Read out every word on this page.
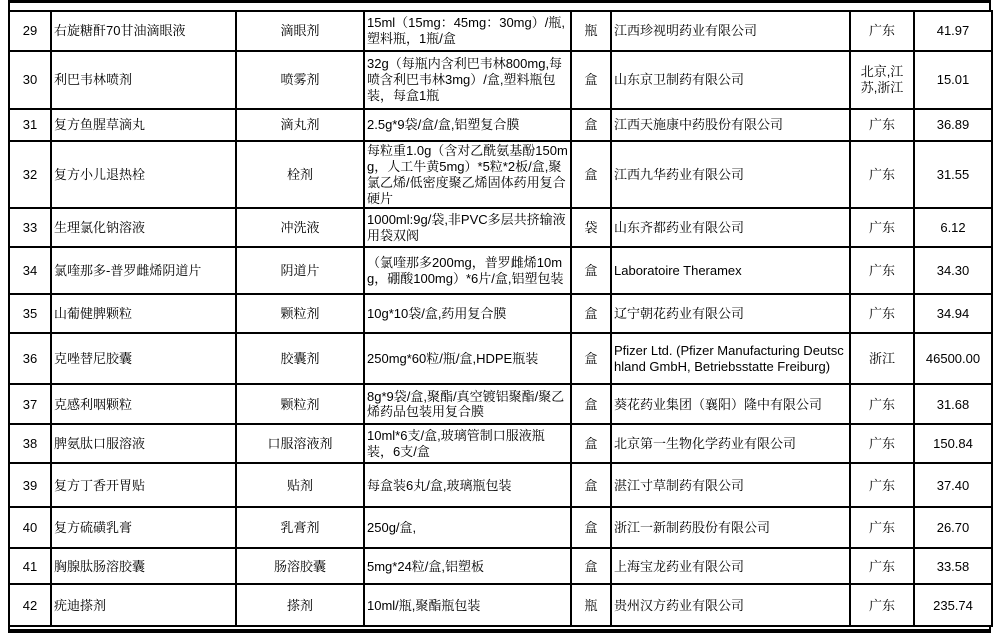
29	右旋糖酐70甘油滴眼液	滴眼剂	15ml（15mg：45mg：30mg）/瓶,塑料瓶，1瓶/盒	瓶	江西珍视明药业有限公司	广东	41.97
30	利巴韦林喷剂	喷雾剂	32g（每瓶内含利巴韦林800mg,每喷含利巴韦林3mg）/盒,塑料瓶包装，每盒1瓶	盒	山东京卫制药有限公司	北京,江苏,浙江	15.01
31	复方鱼腥草滴丸	滴丸剂	2.5g*9袋/盒/盒,铝塑复合膜	盒	江西天施康中药股份有限公司	广东	36.89
32	复方小儿退热栓	栓剂	每粒重1.0g（含对乙酰氨基酚150mg，人工牛黄5mg）*5粒*2板/盒,聚氯乙烯/低密度聚乙烯固体药用复合硬片	盒	江西九华药业有限公司	广东	31.55
33	生理氯化钠溶液	冲洗液	1000ml:9g/袋,非PVC多层共挤输液用袋双阀	袋	山东齐都药业有限公司	广东	6.12
34	氯喹那多-普罗雌烯阴道片	阴道片	（氯喹那多200mg，普罗雌烯10mg，硼酸100mg）*6片/盒,铝塑包装	盒	Laboratoire Theramex	广东	34.30
35	山葡健脾颗粒	颗粒剂	10g*10袋/盒,药用复合膜	盒	辽宁朝花药业有限公司	广东	34.94
36	克唑替尼胶囊	胶囊剂	250mg*60粒/瓶/盒,HDPE瓶装	盒	Pfizer Ltd. (Pfizer Manufacturing Deutschland GmbH, Betriebsstatte Freiburg)	浙江	46500.00
37	克感利咽颗粒	颗粒剂	8g*9袋/盒,聚酯/真空镀铝聚酯/聚乙烯药品包装用复合膜	盒	葵花药业集团（襄阳）隆中有限公司	广东	31.68
38	脾氨肽口服溶液	口服溶液剂	10ml*6支/盒,玻璃管制口服液瓶装，6支/盒	盒	北京第一生物化学药业有限公司	广东	150.84
39	复方丁香开胃贴	贴剂	每盒装6丸/盒,玻璃瓶包装	盒	湛江寸草制药有限公司	广东	37.40
40	复方硫磺乳膏	乳膏剂	250g/盒,	盒	浙江一新制药股份有限公司	广东	26.70
41	胸腺肽肠溶胶囊	肠溶胶囊	5mg*24粒/盒,铝塑板	盒	上海宝龙药业有限公司	广东	33.58
42	疣迪搽剂	搽剂	10ml/瓶,聚酯瓶包装	瓶	贵州汉方药业有限公司	广东	235.74
